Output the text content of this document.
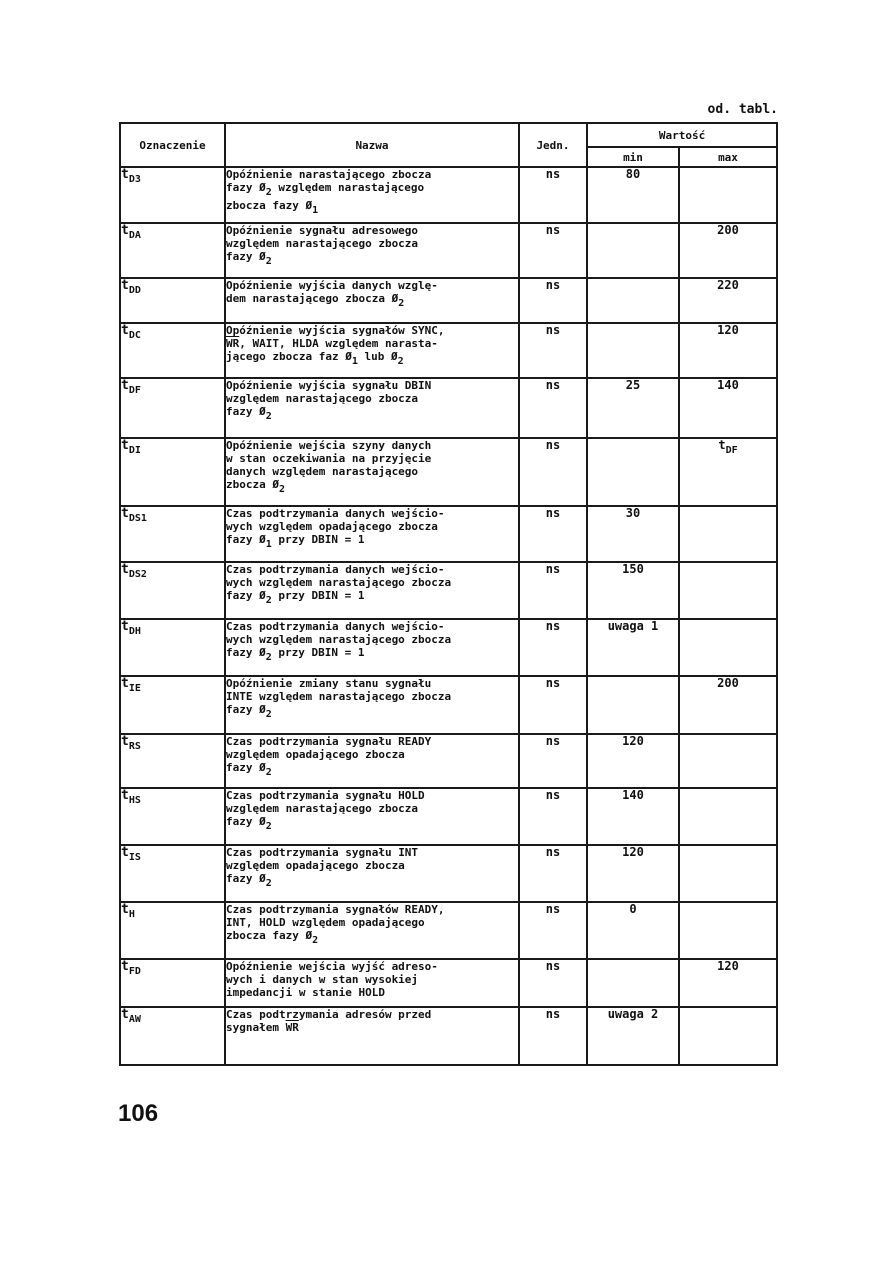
od. tabl.
Oznaczenie	Nazwa	Jedn.	Wartość	
			min	max
$t_{D3}$	Opóźnienie narastającego zbocza
fazy $Ø_2$ względem narastającego
zbocza fazy $Ø_1$	ns	80	
$t_{DA}$	Opóźnienie sygnału adresowego
względem narastającego zbocza
fazy $Ø_2$	ns		200
$t_{DD}$	Opóźnienie wyjścia danych wzglę-
dem narastającego zbocza $Ø_2$	ns		220
$t_{DC}$	Opóźnienie wyjścia sygnałów SYNC,
$\overline{WR}$, WAIT, HLDA względem narasta-
jącego zbocza faz $Ø_1$ lub $Ø_2$	ns		120
$t_{DF}$	Opóźnienie wyjścia sygnału DBIN
względem narastającego zbocza
fazy $Ø_2$	ns	25	140
$t_{DI}$	Opóźnienie wejścia szyny danych
w stan oczekiwania na przyjęcie
danych względem narastającego
zbocza $Ø_2$	ns		$t_{DF}$
$t_{DS1}$	Czas podtrzymania danych wejścio-
wych względem opadającego zbocza
fazy $Ø_1$ przy DBIN = 1	ns	30	
$t_{DS2}$	Czas podtrzymania danych wejścio-
wych względem narastającego zbocza
fazy $Ø_2$ przy DBIN = 1	ns	150	
$t_{DH}$	Czas podtrzymania danych wejścio-
wych względem narastającego zbocza
fazy $Ø_2$ przy DBIN = 1	ns	uwaga 1	
$t_{IE}$	Opóźnienie zmiany stanu sygnału
INTE względem narastającego zbocza
fazy $Ø_2$	ns		200
$t_{RS}$	Czas podtrzymania sygnału READY
względem opadającego zbocza
fazy $Ø_2$	ns	120	
$t_{HS}$	Czas podtrzymania sygnału HOLD
względem narastającego zbocza
fazy $Ø_2$	ns	140	
$t_{IS}$	Czas podtrzymania sygnału $\overline{INT}$
względem opadającego zbocza
fazy $Ø_2$	ns	120	
$t_H$	Czas podtrzymania sygnałów READY,
INT, HOLD względem opadającego
zbocza fazy $Ø_2$	ns	0	
$t_{FD}$	Opóźnienie wejścia wyjść adreso-
wych i danych w stan wysokiej
impedancji w stanie HOLD	ns		120
$t_{AW}$	Czas podtrzymania adresów przed
sygnałem $\overline{WR}$	ns	uwaga 2	
106
